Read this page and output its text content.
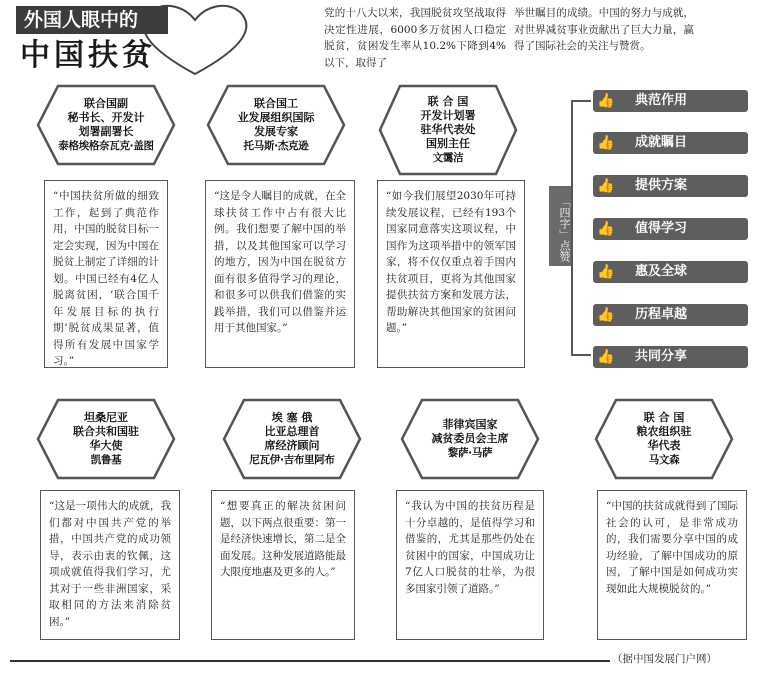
外国人眼中的
中国扶贫
党的十八大以来，我国脱贫攻坚战取得决定性进展，6000多万贫困人口稳定脱贫，贫困发生率从10.2%下降到4%以下，取得了
举世瞩目的成绩。中国的努力与成就，对世界减贫事业贡献出了巨大力量，赢得了国际社会的关注与赞赏。
「四字」点赞
👍	典范作用
👍	成就瞩目
👍	提供方案
👍	值得学习
👍	惠及全球
👍	历程卓越
👍	共同分享
联合国副
秘书长、开发计
划署副署长
泰格埃格奈瓦克·盖图
“中国扶贫所做的细致工作，起到了典范作用，中国的脱贫目标一定会实现，因为中国在脱贫上制定了详细的计划。中国已经有4亿人脱离贫困，‘联合国千年发展目标的执行期’脱贫成果显著，值得所有发展中国家学习。”
联合国工
业发展组织国际
发展专家
托马斯·杰克逊
“这是令人瞩目的成就，在全球扶贫工作中占有很大比例。我们想要了解中国的举措，以及其他国家可以学习的地方，因为中国在脱贫方面有很多值得学习的理论，和很多可以供我们借鉴的实践举措，我们可以借鉴并运用于其他国家。”
联 合 国
开发计划署
驻华代表处
国别主任
文霭洁
“如今我们展望2030年可持续发展议程，已经有193个国家同意落实这项议程，中国作为这项举措中的领军国家，将不仅仅重点着手国内扶贫项目，更将为其他国家提供扶贫方案和发展方法，帮助解决其他国家的贫困问题。”
坦桑尼亚
联合共和国驻
华大使
凯鲁基
“这是一项伟大的成就，我们都对中国共产党的举措，中国共产党的成功领导，表示由衷的钦佩，这项成就值得我们学习，尤其对于一些非洲国家，采取相同的方法来消除贫困。”
埃 塞 俄
比亚总理首
席经济顾问
尼瓦伊·吉布里阿布
“想要真正的解决贫困问题，以下两点很重要：第一是经济快速增长，第二是全面发展。这种发展道路能最大限度地惠及更多的人。”
菲律宾国家
减贫委员会主席
黎萨·马萨
“我认为中国的扶贫历程是十分卓越的，是值得学习和借鉴的，尤其是那些仍处在贫困中的国家，中国成功让7亿人口脱贫的壮举，为很多国家引领了道路。”
联 合 国
粮农组织驻
华代表
马文森
“中国的扶贫成就得到了国际社会的认可，是非常成功的，我们需要分享中国的成功经验，了解中国成功的原因，了解中国是如何成功实现如此大规模脱贫的。”
（据中国发展门户网）
